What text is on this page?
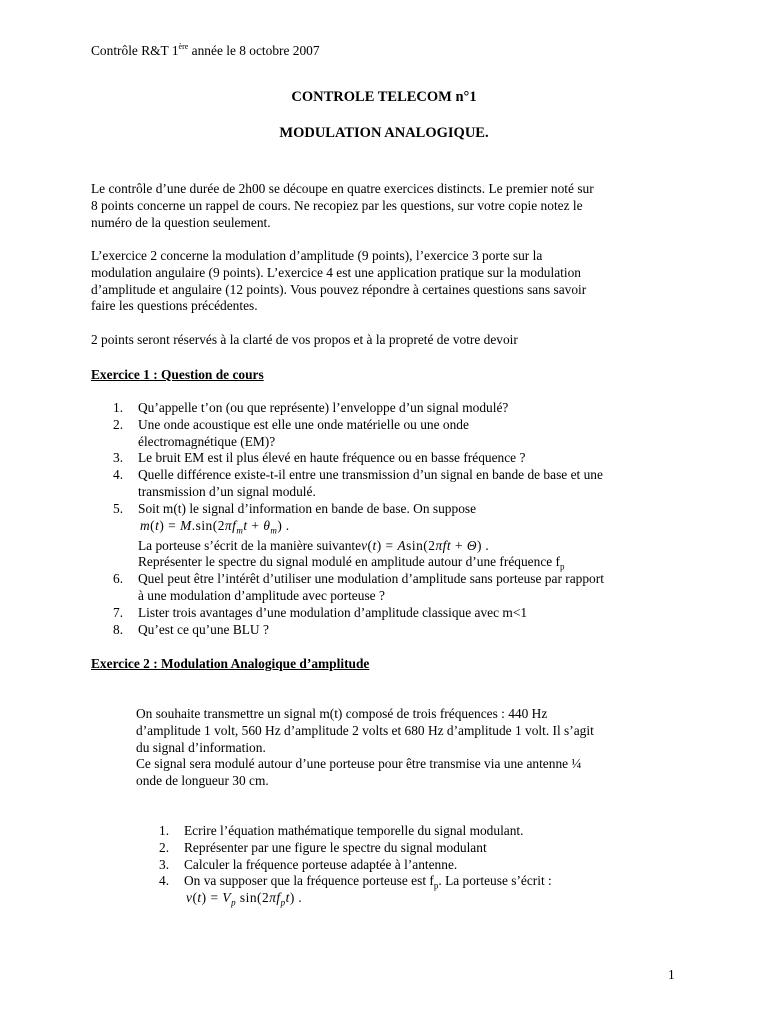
Contrôle R&T 1ère année le 8 octobre 2007
CONTROLE TELECOM n°1
MODULATION ANALOGIQUE.
Le contrôle d’une durée de 2h00 se découpe en quatre exercices distincts. Le premier noté sur
8 points concerne un rappel de cours. Ne recopiez par les questions, sur votre copie notez le
numéro de la question seulement.
L’exercice 2 concerne la modulation d’amplitude (9 points), l’exercice 3 porte sur la
modulation angulaire (9 points). L’exercice 4 est une application pratique sur la modulation
d’amplitude et angulaire (12 points). Vous pouvez répondre à certaines questions sans savoir
faire les questions précédentes.
2 points seront réservés à la clarté de vos propos et à la propreté de votre devoir
Exercice 1 : Question de cours
1. Qu’appelle t’on (ou que représente) l’enveloppe d’un signal modulé?
2. Une onde acoustique est elle une onde matérielle ou une onde
électromagnétique (EM)?
3. Le bruit EM est il plus élevé en haute fréquence ou en basse fréquence ?
4. Quelle différence existe-t-il entre une transmission d’un signal en bande de base et une
transmission d’un signal modulé.
5. Soit m(t) le signal d’information en bande de base. On suppose
$m(t) = M.\sin(2\pi f_mt + \theta_m)$ .
La porteuse s’écrit de la manière suivantev(t) = Asin(2πft + Θ) .
Représenter le spectre du signal modulé en amplitude autour d’une fréquence $f_p$
6. Quel peut être l’intérêt d’utiliser une modulation d’amplitude sans porteuse par rapport
à une modulation d’amplitude avec porteuse ?
7. Lister trois avantages d’une modulation d’amplitude classique avec m<1
8. Qu’est ce qu’une BLU ?
Exercice 2 : Modulation Analogique d’amplitude
On souhaite transmettre un signal m(t) composé de trois fréquences : 440 Hz
d’amplitude 1 volt, 560 Hz d’amplitude 2 volts et 680 Hz d’amplitude 1 volt. Il s’agit
du signal d’information.
Ce signal sera modulé autour d’une porteuse pour être transmise via une antenne ¼
onde de longueur 30 cm.
1. Ecrire l’équation mathématique temporelle du signal modulant.
2. Représenter par une figure le spectre du signal modulant
3. Calculer la fréquence porteuse adaptée à l’antenne.
4. On va supposer que la fréquence porteuse est $f_p$. La porteuse s’écrit :
$v(t) = V_p$ $\sin(2\pi f_pt)$ .
1
